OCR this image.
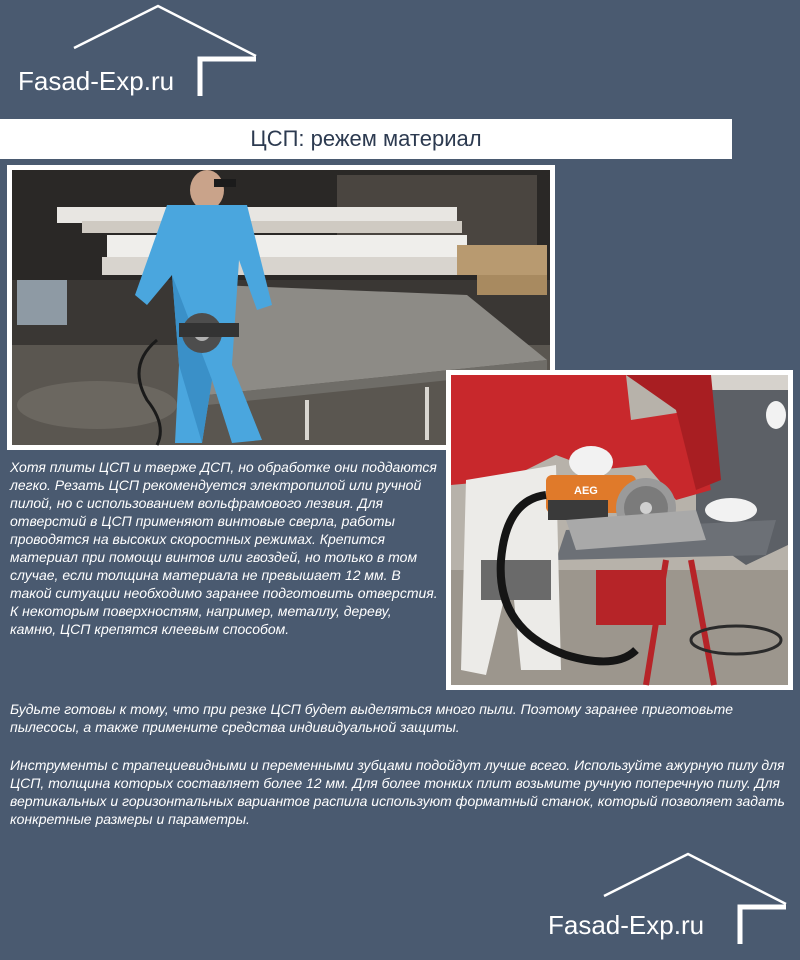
Fasad-Exp.ru
ЦСП: режем материал
AEG

Хотя плиты ЦСП и тверже ДСП, но обработке они поддаются легко. Резать ЦСП рекомендуется электропилой или ручной пилой, но с использованием вольфрамового лезвия. Для отверстий в ЦСП применяют винтовые сверла, работы проводятся на высоких скоростных режимах. Крепится материал при помощи винтов или гвоздей, но только в том случае, если толщина материала не превышает 12 мм. В такой ситуации необходимо заранее подготовить отверстия. К некоторым поверхностям, например, металлу, дереву, камню, ЦСП крепятся клеевым способом.

Будьте готовы к тому, что при резке ЦСП будет выделяться много пыли. Поэтому заранее приготовьте пылесосы, а также примените средства индивидуальной защиты.

Инструменты с трапециевидными и переменными зубцами подойдут лучше всего. Используйте ажурную пилу для ЦСП, толщина которых составляет более 12 мм. Для более тонких плит возьмите ручную поперечную пилу. Для вертикальных и горизонтальных вариантов распила используют форматный станок, который позволяет задать конкретные размеры и параметры.

Fasad-Exp.ru
